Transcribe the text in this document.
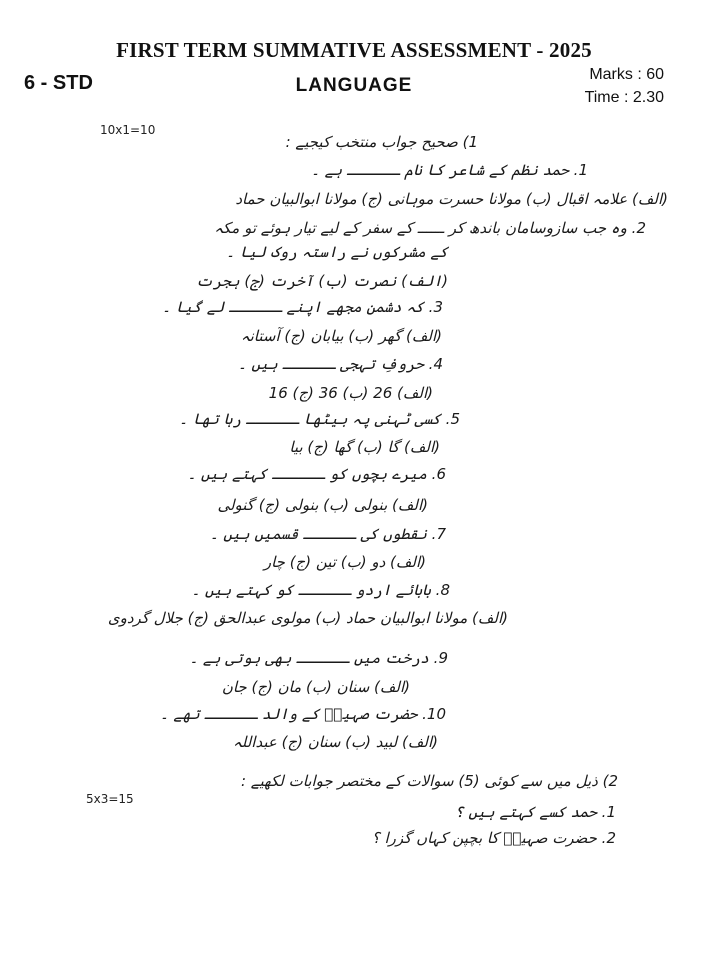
FIRST TERM SUMMATIVE ASSESSMENT - 2025
6 - STD	LANGUAGE
Marks : 60
Time : 2.30
10x1=10
1) صحیح جواب منتخب کیجیے :
1. حمد نظم کے شاعر کا نام ــــــ ہے ۔
(الف) علامہ اقبال (ب) مولانا حسرت موہانی (ج) مولانا ابوالبیان حماد
2. وہ جب سازوسامان باندھ کر ــــــ کے سفر کے لیے تیار ہوئے تو مکہ
کے مشرکوں نے راستہ روک لیا ۔
(الف) نصرت (ب) آخرت (ج) ہجرت
3. کہ دشمن مجھے اپنے ــــــ لے گیا ۔
(الف) گھر (ب) بیابان (ج) آستانہ
4. حروفِ تہجی ــــــ ہیں ۔
(الف) 26 (ب) 36 (ج) 16
5. کسی ٹہنی پہ بیٹھا ــــــ رہا تھا ۔
(الف) گا (ب) گھا (ج) بیا
6. میرے بچوں کو ــــــ کہتے ہیں ۔
(الف) بنولی (ب) بنولی (ج) گنولی
7. نقطوں کی ــــــ قسمیں ہیں ۔
(الف) دو (ب) تین (ج) چار
8. بابائے اردو ــــــ کو کہتے ہیں ۔
(الف) مولانا ابوالبیان حماد (ب) مولوی عبدالحق (ج) جلال گردوی
9. درخت میں ــــــ بھی ہوتی ہے ۔
(الف) سنان (ب) مان (ج) جان
10. حضرت صہیبؓ کے والد ــــــ تھے ۔
(الف) لبید (ب) سنان (ج) عبداللہ
5x3=15
2) ذیل میں سے کوئی (5) سوالات کے مختصر جوابات لکھیے :
1. حمد کسے کہتے ہیں ؟
2. حضرت صہیبؓ کا بچپن کہاں گزرا ؟
